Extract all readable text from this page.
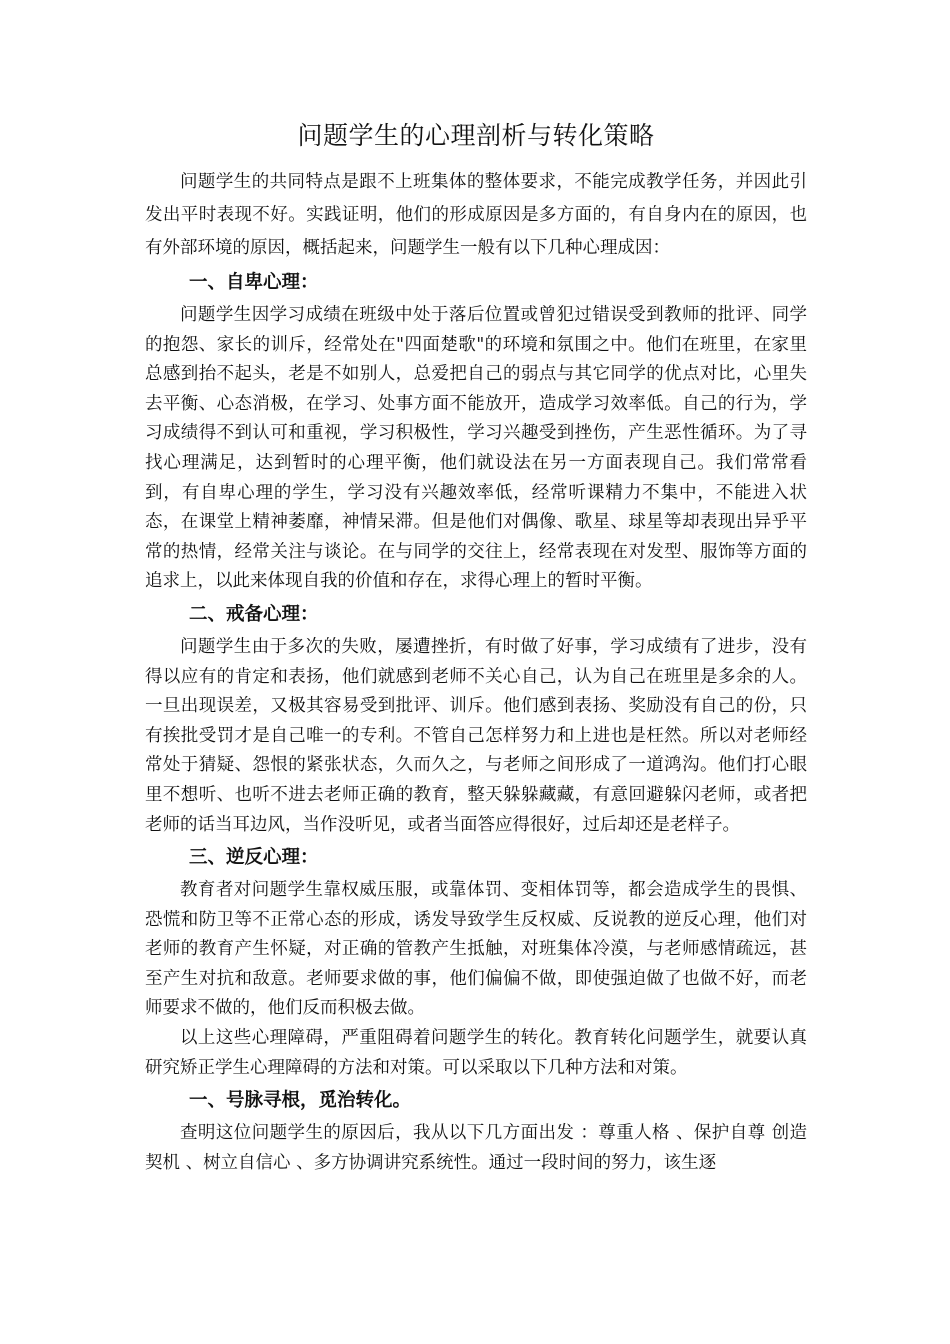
问题学生的心理剖析与转化策略

问题学生的共同特点是跟不上班集体的整体要求，不能完成教学任务，并因此引发出平时表现不好。实践证明，他们的形成原因是多方面的，有自身内在的原因，也有外部环境的原因，概括起来，问题学生一般有以下几种心理成因：

一、自卑心理：

问题学生因学习成绩在班级中处于落后位置或曾犯过错误受到教师的批评、同学的抱怨、家长的训斥，经常处在"四面楚歌"的环境和氛围之中。他们在班里，在家里总感到抬不起头，老是不如别人，总爱把自己的弱点与其它同学的优点对比，心里失去平衡、心态消极，在学习、处事方面不能放开，造成学习效率低。自己的行为，学习成绩得不到认可和重视，学习积极性，学习兴趣受到挫伤，产生恶性循环。为了寻找心理满足，达到暂时的心理平衡，他们就设法在另一方面表现自己。我们常常看到，有自卑心理的学生，学习没有兴趣效率低，经常听课精力不集中，不能进入状态，在课堂上精神萎靡，神情呆滞。但是他们对偶像、歌星、球星等却表现出异乎平常的热情，经常关注与谈论。在与同学的交往上，经常表现在对发型、服饰等方面的追求上，以此来体现自我的价值和存在，求得心理上的暂时平衡。

二、戒备心理：

问题学生由于多次的失败，屡遭挫折，有时做了好事，学习成绩有了进步，没有得以应有的肯定和表扬，他们就感到老师不关心自己，认为自己在班里是多余的人。一旦出现误差，又极其容易受到批评、训斥。他们感到表扬、奖励没有自己的份，只有挨批受罚才是自己唯一的专利。不管自己怎样努力和上进也是枉然。所以对老师经常处于猜疑、怨恨的紧张状态，久而久之，与老师之间形成了一道鸿沟。他们打心眼里不想听、也听不进去老师正确的教育，整天躲躲藏藏，有意回避躲闪老师，或者把老师的话当耳边风，当作没听见，或者当面答应得很好，过后却还是老样子。

三、逆反心理：

教育者对问题学生靠权威压服，或靠体罚、变相体罚等，都会造成学生的畏惧、恐慌和防卫等不正常心态的形成，诱发导致学生反权威、反说教的逆反心理，他们对老师的教育产生怀疑，对正确的管教产生抵触，对班集体冷漠，与老师感情疏远，甚至产生对抗和敌意。老师要求做的事，他们偏偏不做，即使强迫做了也做不好，而老师要求不做的，他们反而积极去做。

以上这些心理障碍，严重阻碍着问题学生的转化。教育转化问题学生，就要认真研究矫正学生心理障碍的方法和对策。可以采取以下几种方法和对策。

一、号脉寻根，觅治转化。

查明这位问题学生的原因后，我从以下几方面出发 ：尊重人格 、保护自尊 创造契机 、树立自信心 、多方协调讲究系统性。通过一段时间的努力，该生逐
